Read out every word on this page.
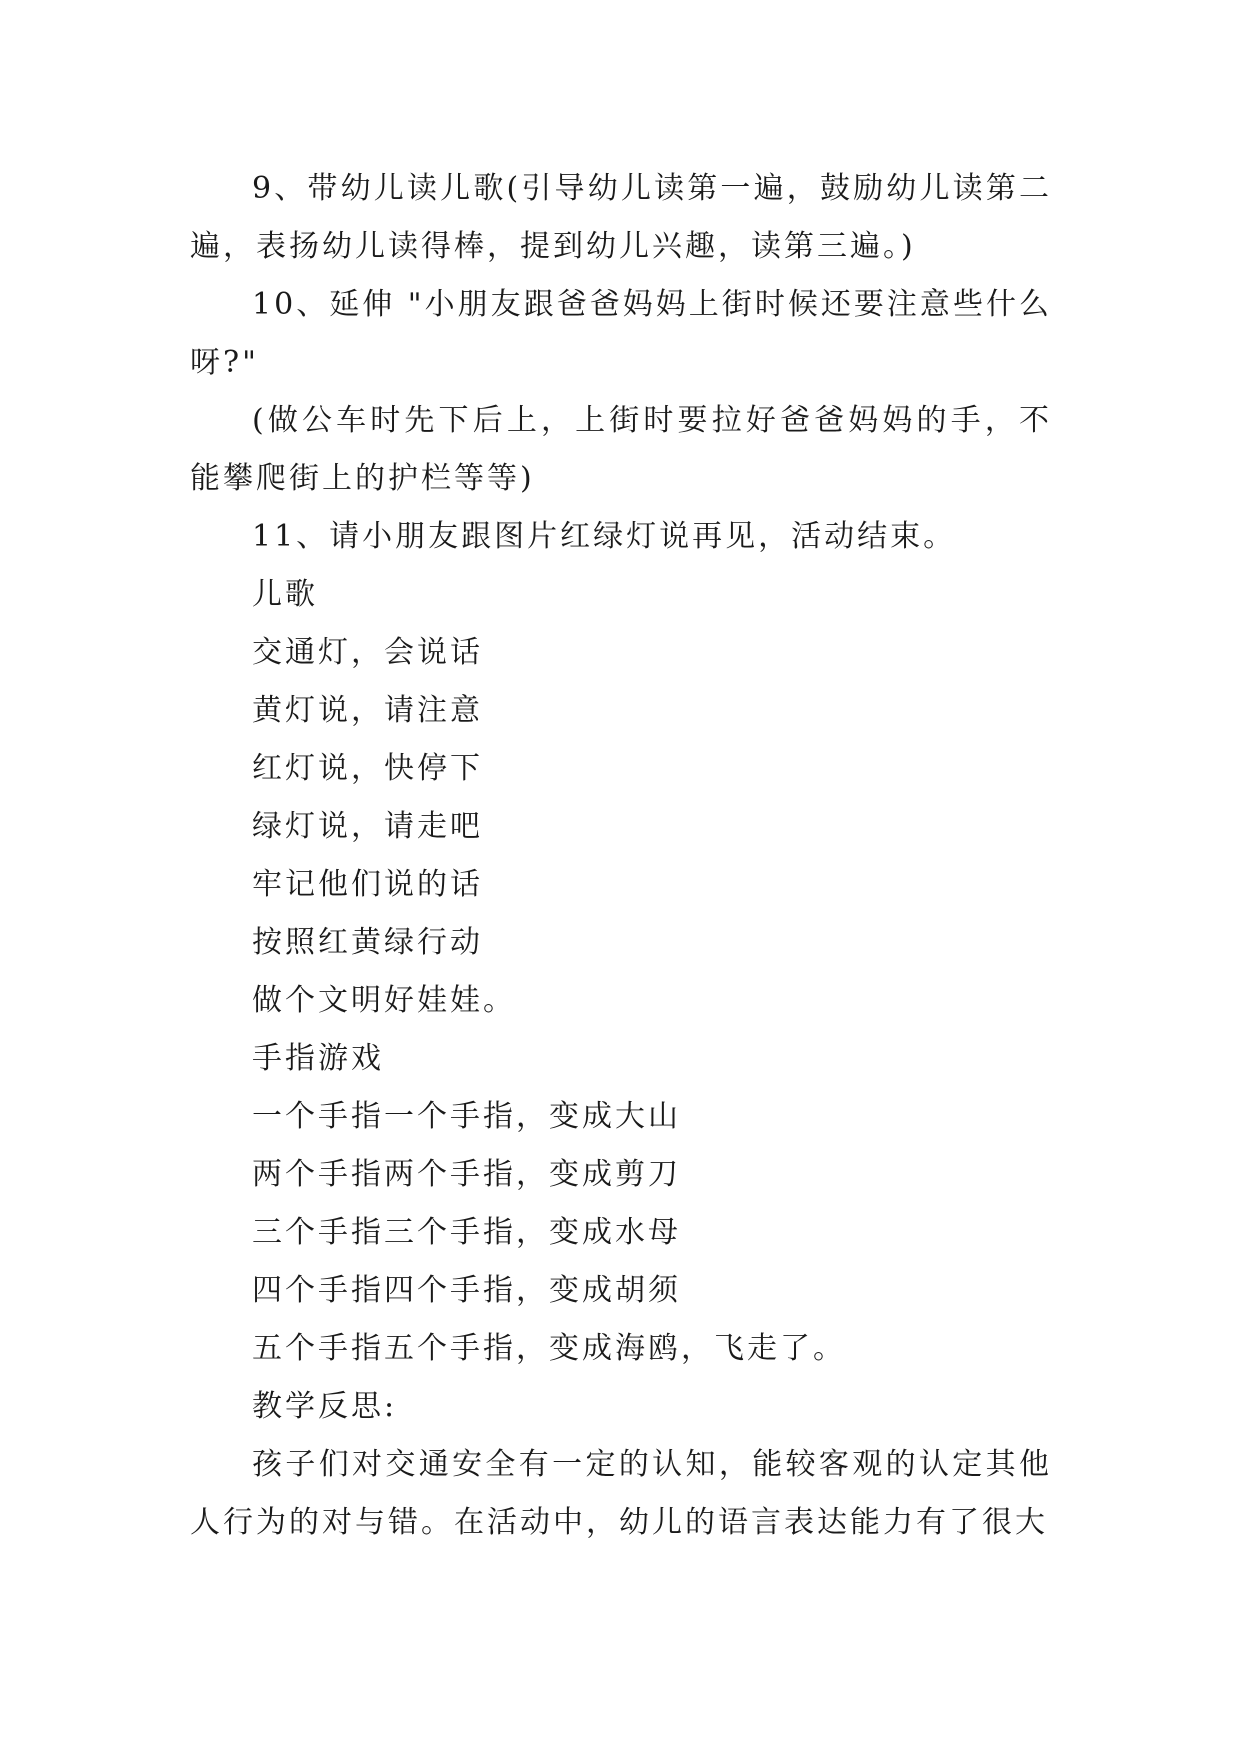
9、带幼儿读儿歌(引导幼儿读第一遍，鼓励幼儿读第二遍，表扬幼儿读得棒，提到幼儿兴趣，读第三遍。)

10、延伸 "小朋友跟爸爸妈妈上街时候还要注意些什么呀?"

(做公车时先下后上，上街时要拉好爸爸妈妈的手，不能攀爬街上的护栏等等)

11、请小朋友跟图片红绿灯说再见，活动结束。

儿歌

交通灯，会说话

黄灯说，请注意

红灯说，快停下

绿灯说，请走吧

牢记他们说的话

按照红黄绿行动

做个文明好娃娃。

手指游戏

一个手指一个手指，变成大山

两个手指两个手指，变成剪刀

三个手指三个手指，变成水母

四个手指四个手指，变成胡须

五个手指五个手指，变成海鸥，飞走了。

教学反思:

孩子们对交通安全有一定的认知，能较客观的认定其他人行为的对与错。在活动中，幼儿的语言表达能力有了很大
